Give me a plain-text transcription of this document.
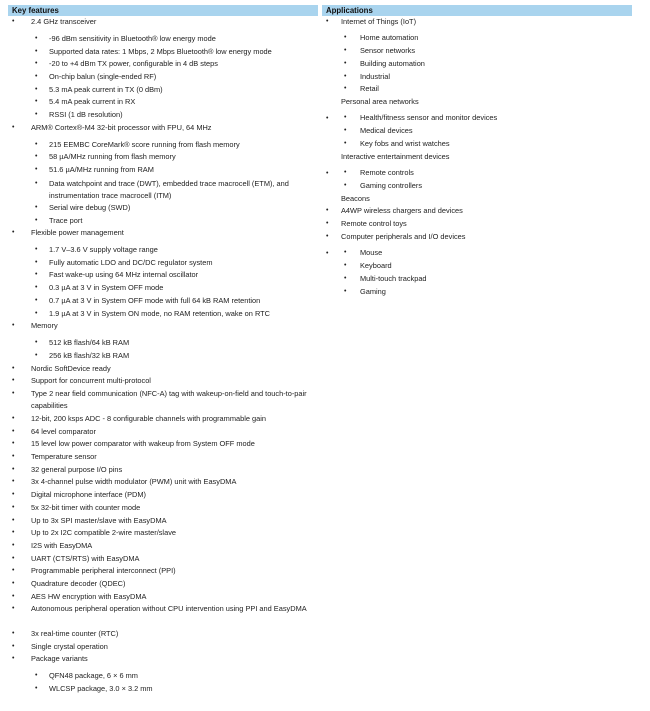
Key features	Applications
• 2.4 GHz transceiver
• -96 dBm sensitivity in Bluetooth® low energy mode
• Supported data rates: 1 Mbps, 2 Mbps Bluetooth® low energy mode
• -20 to +4 dBm TX power, configurable in 4 dB steps
• On-chip balun (single-ended RF)
• 5.3 mA peak current in TX (0 dBm)
• 5.4 mA peak current in RX
• RSSI (1 dB resolution)
• ARM® Cortex®-M4 32-bit processor with FPU, 64 MHz
• 215 EEMBC CoreMark® score running from flash memory
• 58 µA/MHz running from flash memory
• 51.6 µA/MHz running from RAM
• Data watchpoint and trace (DWT), embedded trace macrocell (ETM), and instrumentation trace macrocell (ITM)
• Serial wire debug (SWD)
• Trace port
• Flexible power management
• 1.7 V–3.6 V supply voltage range
• Fully automatic LDO and DC/DC regulator system
• Fast wake-up using 64 MHz internal oscillator
• 0.3 µA at 3 V in System OFF mode
• 0.7 µA at 3 V in System OFF mode with full 64 kB RAM retention
• 1.9 µA at 3 V in System ON mode, no RAM retention, wake on RTC
• Memory
• 512 kB flash/64 kB RAM
• 256 kB flash/32 kB RAM
• Nordic SoftDevice ready
• Support for concurrent multi-protocol
• Type 2 near field communication (NFC-A) tag with wakeup-on-field and touch-to-pair capabilities
• 12-bit, 200 ksps ADC - 8 configurable channels with programmable gain
• 64 level comparator
• 15 level low power comparator with wakeup from System OFF mode
• Temperature sensor
• 32 general purpose I/O pins
• 3x 4-channel pulse width modulator (PWM) unit with EasyDMA
• Digital microphone interface (PDM)
• 5x 32-bit timer with counter mode
• Up to 3x SPI master/slave with EasyDMA
• Up to 2x I2C compatible 2-wire master/slave
• I2S with EasyDMA
• UART (CTS/RTS) with EasyDMA
• Programmable peripheral interconnect (PPI)
• Quadrature decoder (QDEC)
• AES HW encryption with EasyDMA
• Autonomous peripheral operation without CPU intervention using PPI and EasyDMA
• 3x real-time counter (RTC)
• Single crystal operation
• Package variants
• QFN48 package, 6 × 6 mm
• WLCSP package, 3.0 × 3.2 mm
• Internet of Things (IoT)
• Home automation
• Sensor networks
• Building automation
• Industrial
• Retail
Personal area networks
•
•	Health/fitness sensor and monitor devices
• Medical devices
• Key fobs and wrist watches
Interactive entertainment devices
•
•	Remote controls
• Gaming controllers
Beacons
• A4WP wireless chargers and devices
• Remote control toys
• Computer peripherals and I/O devices
•
•	Mouse
• Keyboard
• Multi-touch trackpad
• Gaming
